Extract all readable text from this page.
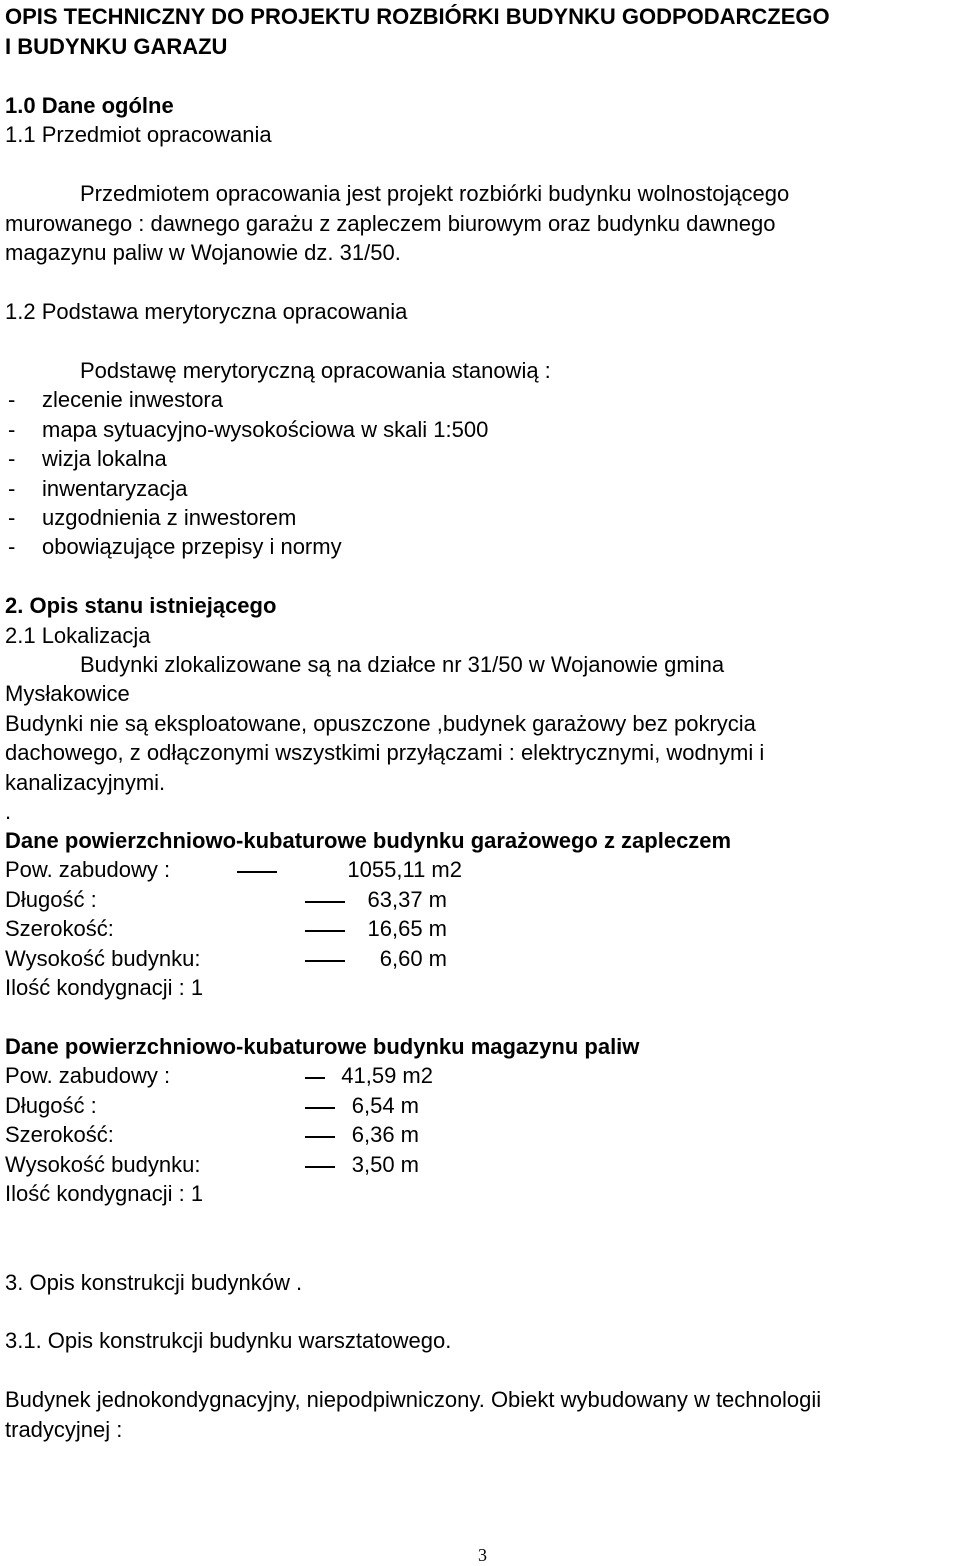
OPIS TECHNICZNY DO PROJEKTU ROZBIÓRKI BUDYNKU GODPODARCZEGO
I BUDYNKU GARAZU
1.0 Dane ogólne
1.1 Przedmiot opracowania
Przedmiotem opracowania jest projekt rozbiórki budynku wolnostojącego
murowanego : dawnego garażu z zapleczem biurowym oraz budynku dawnego
magazynu paliw w Wojanowie dz. 31/50.
1.2 Podstawa merytoryczna opracowania
Podstawę merytoryczną opracowania stanowią :
- zlecenie inwestora
- mapa sytuacyjno-wysokościowa w skali 1:500
- wizja lokalna
- inwentaryzacja
- uzgodnienia z inwestorem
- obowiązujące przepisy i normy
2. Opis stanu istniejącego
2.1 Lokalizacja
Budynki zlokalizowane są na działce nr 31/50 w Wojanowie gmina
Mysłakowice
Budynki nie są eksploatowane, opuszczone ,budynek garażowy bez pokrycia
dachowego, z odłączonymi wszystkimi przyłączami : elektrycznymi, wodnymi i
kanalizacyjnymi.
.
Dane powierzchniowo-kubaturowe budynku garażowego z zapleczem
Pow. zabudowy :	1055,11 m2
Długość :	63,37 m
Szerokość:	16,65 m
Wysokość budynku:	6,60 m
Ilość kondygnacji : 1
Dane powierzchniowo-kubaturowe budynku magazynu paliw
Pow. zabudowy :	41,59 m2
Długość :	6,54 m
Szerokość:	6,36 m
Wysokość budynku:	3,50 m
Ilość kondygnacji : 1
3. Opis konstrukcji budynków .
3.1. Opis konstrukcji budynku warsztatowego.
Budynek jednokondygnacyjny, niepodpiwniczony. Obiekt wybudowany w technologii
tradycyjnej :
3
